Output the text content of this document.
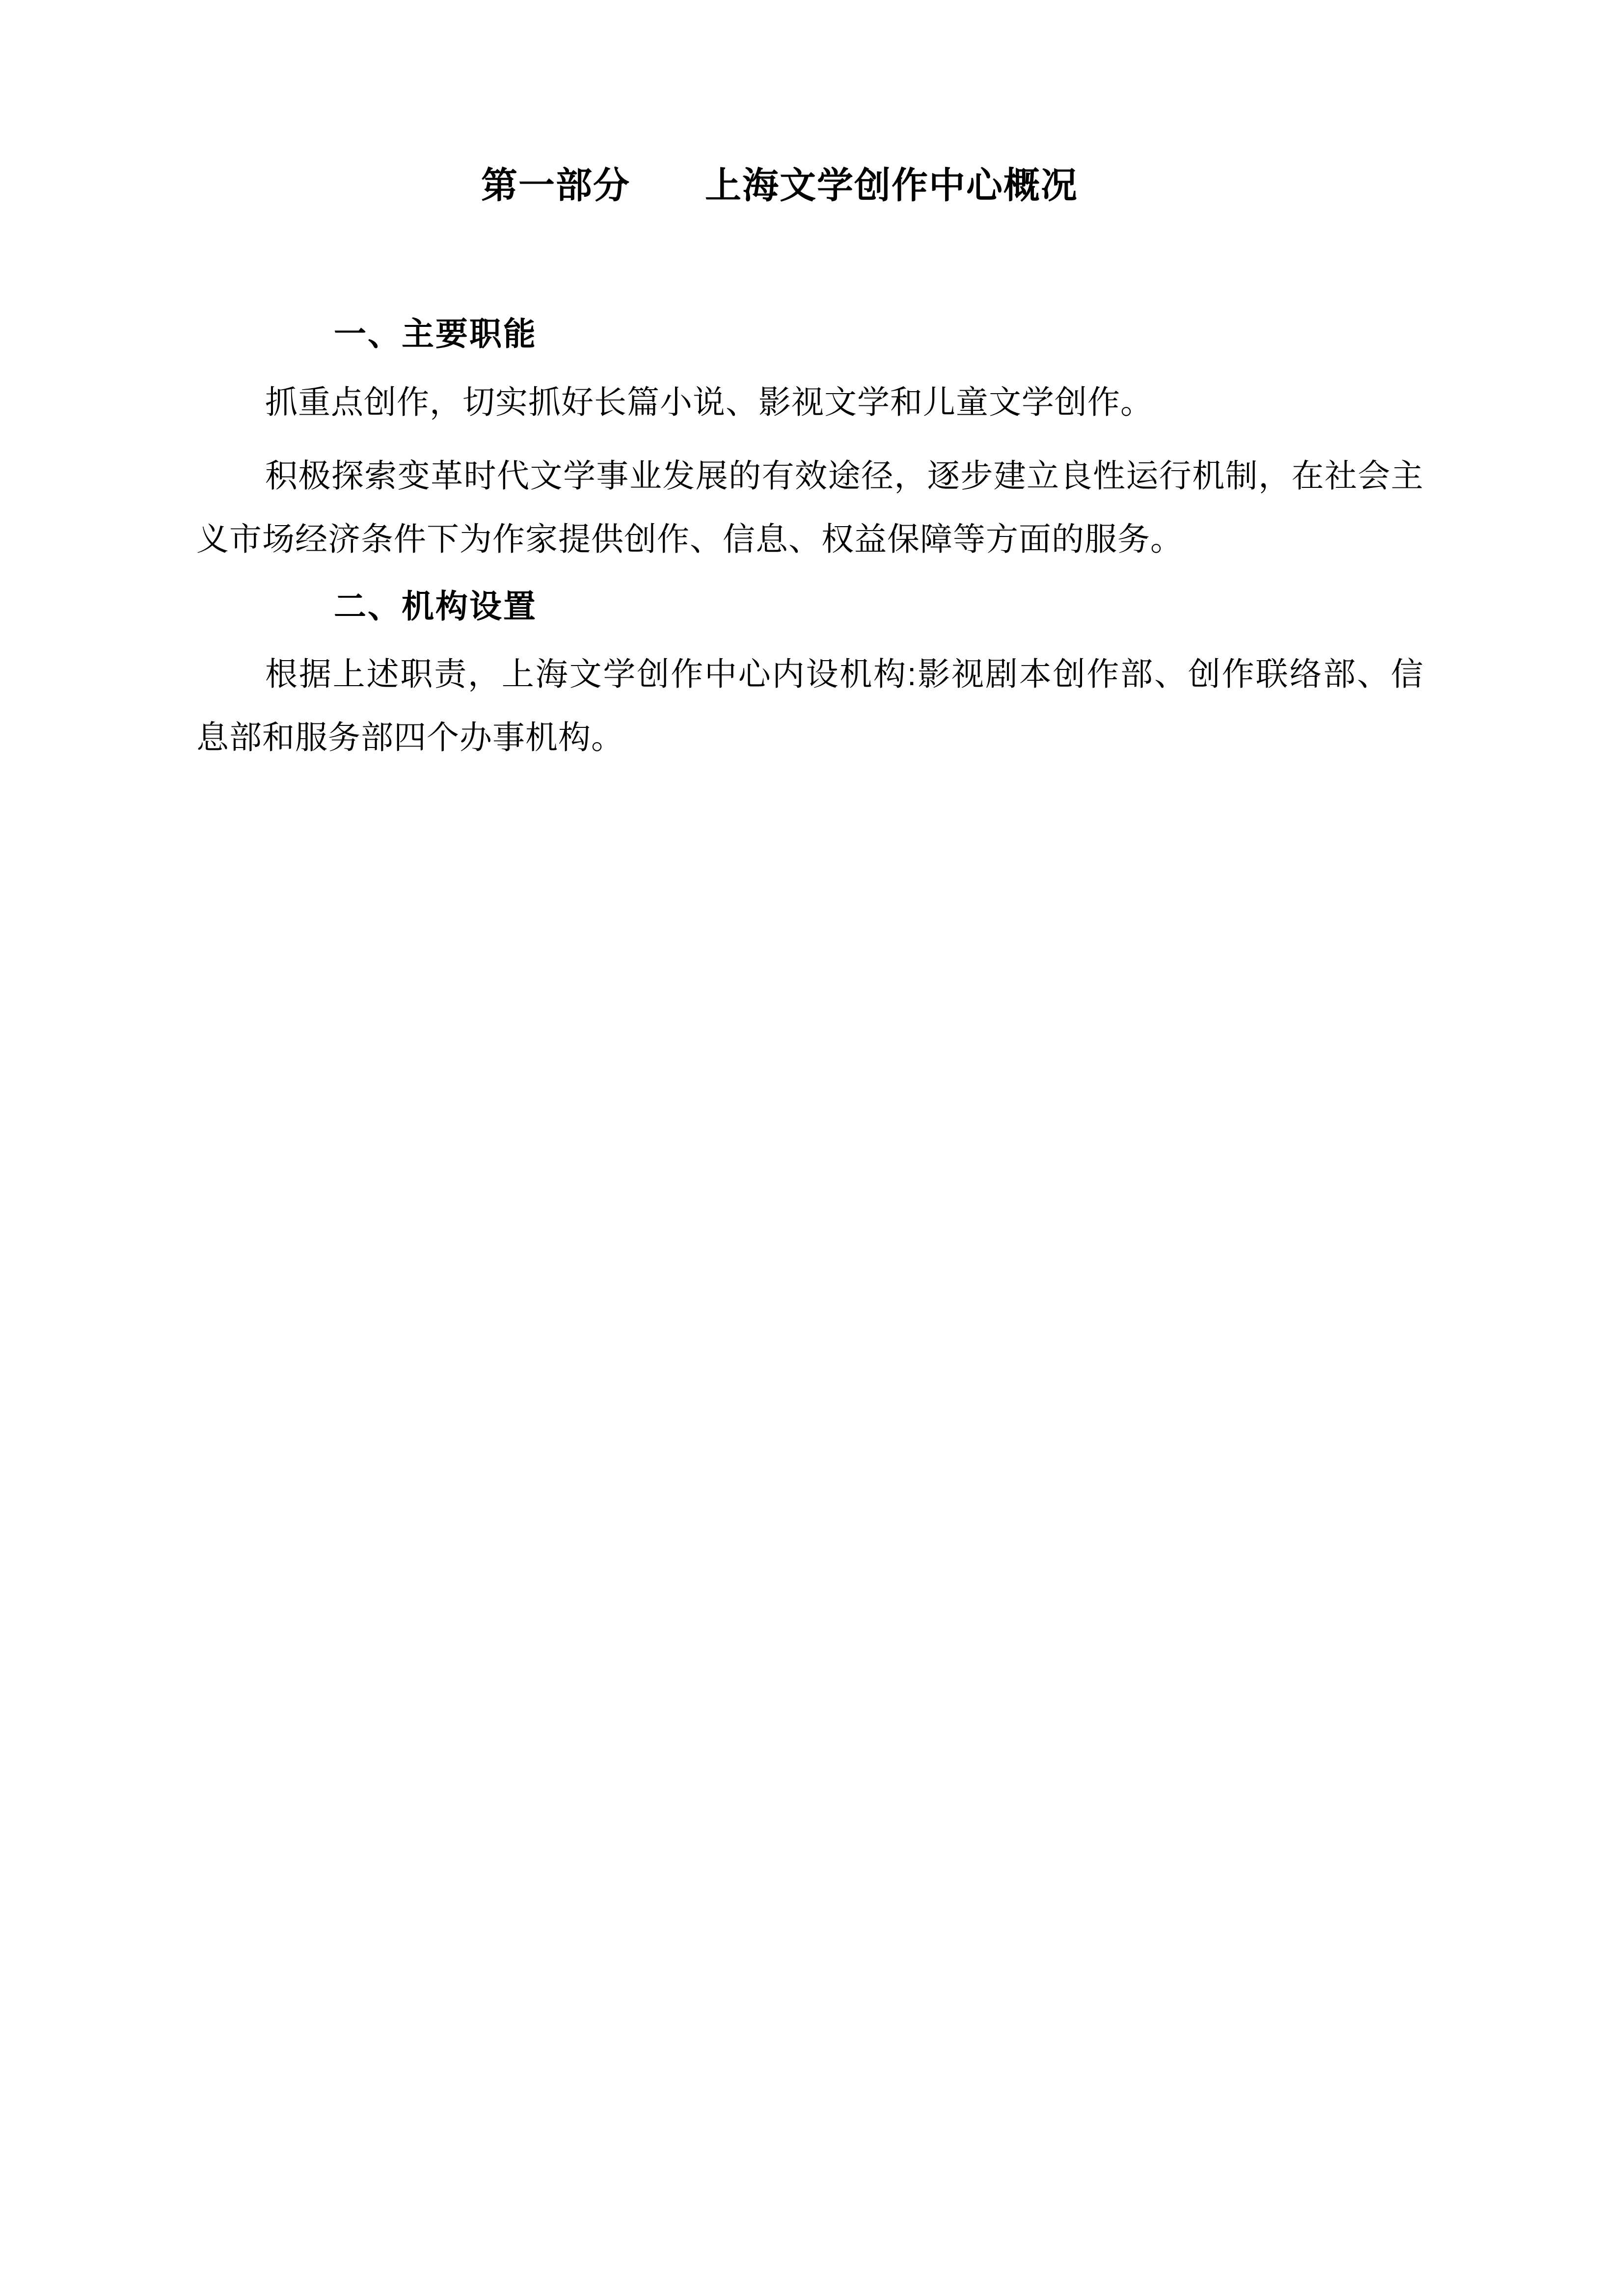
第一部分　　上海文学创作中心概况
一、主要职能

抓重点创作，切实抓好长篇小说、影视文学和儿童文学创作。

积极探索变革时代文学事业发展的有效途径，逐步建立良性运行机制，在社会主义市场经济条件下为作家提供创作、信息、权益保障等方面的服务。

二、机构设置

根据上述职责，上海文学创作中心内设机构:影视剧本创作部、创作联络部、信息部和服务部四个办事机构。
